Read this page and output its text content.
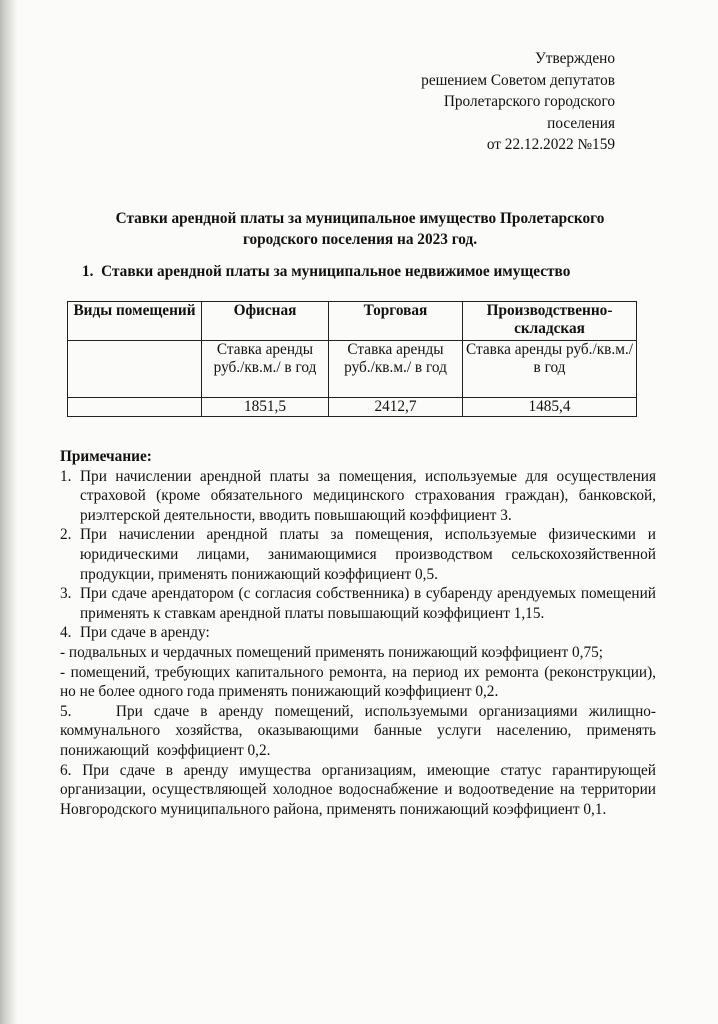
Утверждено
решением Советом депутатов
Пролетарского городского
поселения
от 22.12.2022 №159
Ставки арендной платы за муниципальное имущество Пролетарского
городского поселения на 2023 год.
1. Ставки арендной платы за муниципальное недвижимое имущество
Виды помещений	Офисная	Торговая	Производственно-складская
	Ставка аренды руб./кв.м./ в год	Ставка аренды руб./кв.м./ в год	Ставка аренды руб./кв.м./ в год
	1851,5	2412,7	1485,4
Примечание:
1. При начислении арендной платы за помещения, используемые для осуществления страховой (кроме обязательного медицинского страхования граждан), банковской, риэлтерской деятельности, вводить повышающий коэффициент 3.
2. При начислении арендной платы за помещения, используемые физическими и юридическими лицами, занимающимися производством сельскохозяйственной продукции, применять понижающий коэффициент 0,5.
3. При сдаче арендатором (с согласия собственника) в субаренду арендуемых помещений применять к ставкам арендной платы повышающий коэффициент 1,15.
4. При сдаче в аренду:
- подвальных и чердачных помещений применять понижающий коэффициент 0,75;
- помещений, требующих капитального ремонта, на период их ремонта (реконструкции), но не более одного года применять понижающий коэффициент 0,2.
5.    При сдаче в аренду помещений, используемыми организациями жилищно-коммунального хозяйства, оказывающими банные услуги населению, применять понижающий  коэффициент 0,2.
6. При сдаче в аренду имущества организациям, имеющие статус гарантирующей организации, осуществляющей холодное водоснабжение и водоотведение на территории Новгородского муниципального района, применять понижающий коэффициент 0,1.
